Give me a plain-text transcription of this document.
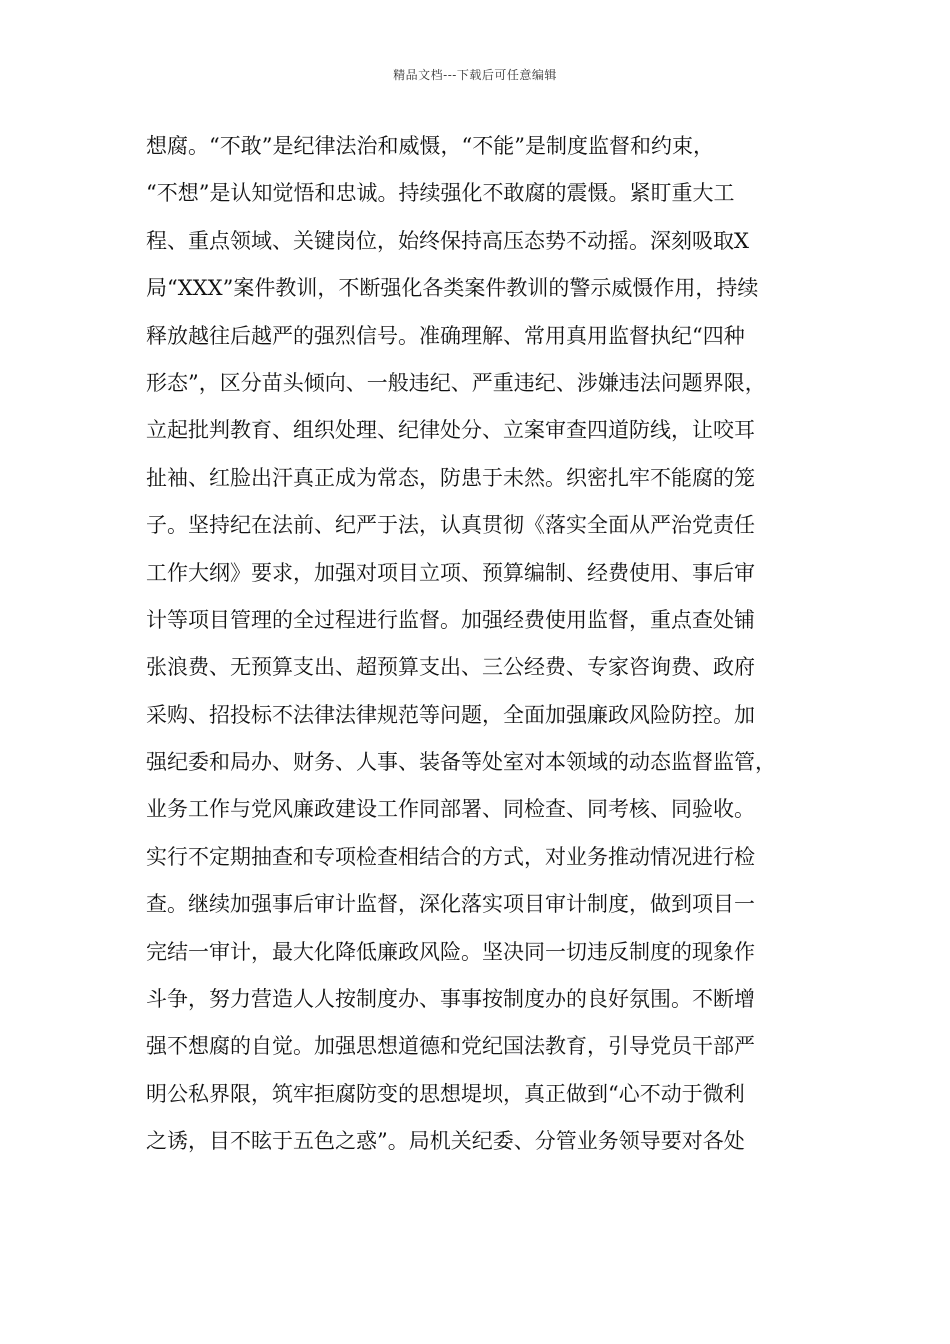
精品文档---下载后可任意编辑
想腐。“不敢”是纪律法治和威慑，“不能”是制度监督和约束，
“不想”是认知觉悟和忠诚。持续强化不敢腐的震慑。紧盯重大工
程、重点领域、关键岗位，始终保持高压态势不动摇。深刻吸取X
局“XXX”案件教训，不断强化各类案件教训的警示威慑作用，持续
释放越往后越严的强烈信号。准确理解、常用真用监督执纪“四种
形态”，区分苗头倾向、一般违纪、严重违纪、涉嫌违法问题界限，
立起批判教育、组织处理、纪律处分、立案审查四道防线，让咬耳
扯袖、红脸出汗真正成为常态，防患于未然。织密扎牢不能腐的笼
子。坚持纪在法前、纪严于法，认真贯彻《落实全面从严治党责任
工作大纲》要求，加强对项目立项、预算编制、经费使用、事后审
计等项目管理的全过程进行监督。加强经费使用监督，重点查处铺
张浪费、无预算支出、超预算支出、三公经费、专家咨询费、政府
采购、招投标不法律法律规范等问题，全面加强廉政风险防控。加
强纪委和局办、财务、人事、装备等处室对本领域的动态监督监管，
业务工作与党风廉政建设工作同部署、同检查、同考核、同验收。
实行不定期抽查和专项检查相结合的方式，对业务推动情况进行检
查。继续加强事后审计监督，深化落实项目审计制度，做到项目一
完结一审计，最大化降低廉政风险。坚决同一切违反制度的现象作
斗争，努力营造人人按制度办、事事按制度办的良好氛围。不断增
强不想腐的自觉。加强思想道德和党纪国法教育，引导党员干部严
明公私界限，筑牢拒腐防变的思想堤坝，真正做到“心不动于微利
之诱，目不眩于五色之惑”。局机关纪委、分管业务领导要对各处
